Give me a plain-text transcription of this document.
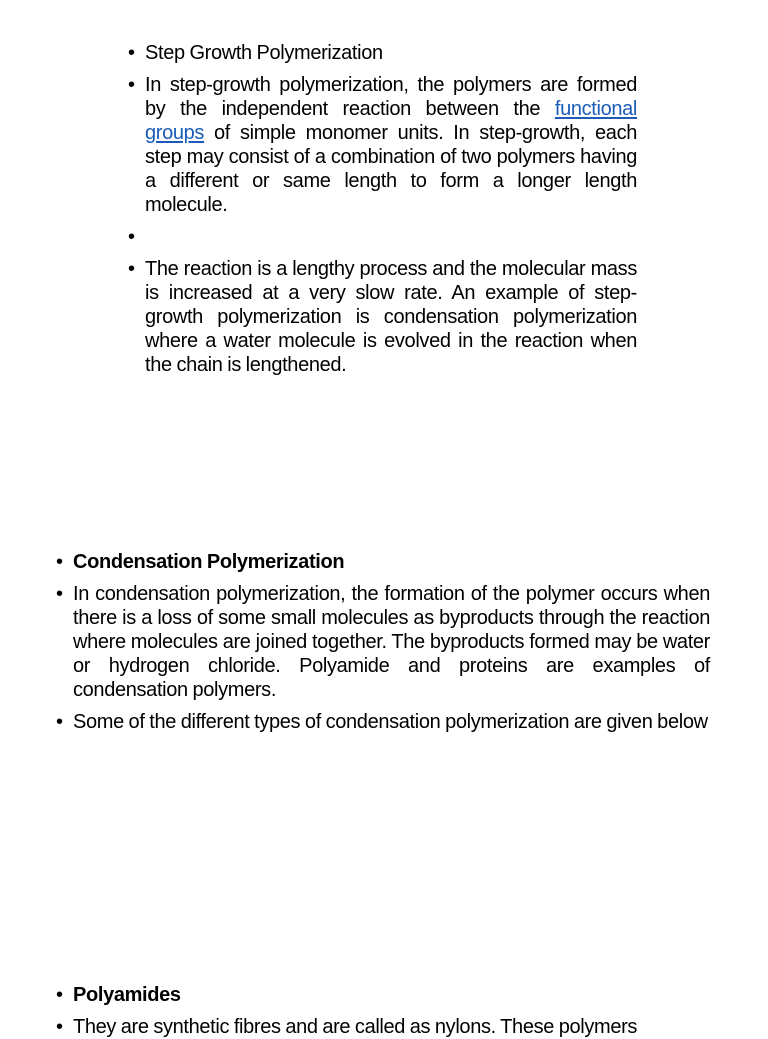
• Step Growth Polymerization
• In step-growth polymerization, the polymers are formed by the independent reaction between the functional groups of simple monomer units. In step-growth, each step may consist of a combination of two polymers having a different or same length to form a longer length molecule.
•
• The reaction is a lengthy process and the molecular mass is increased at a very slow rate. An example of step-growth polymerization is condensation polymerization where a water molecule is evolved in the reaction when the chain is lengthened.
• Condensation Polymerization
• In condensation polymerization, the formation of the polymer occurs when there is a loss of some small molecules as byproducts through the reaction where molecules are joined together. The byproducts formed may be water or hydrogen chloride. Polyamide and proteins are examples of condensation polymers.
• Some of the different types of condensation polymerization are given below
• Polyamides
• They are synthetic fibres and are called as nylons. These polymers
